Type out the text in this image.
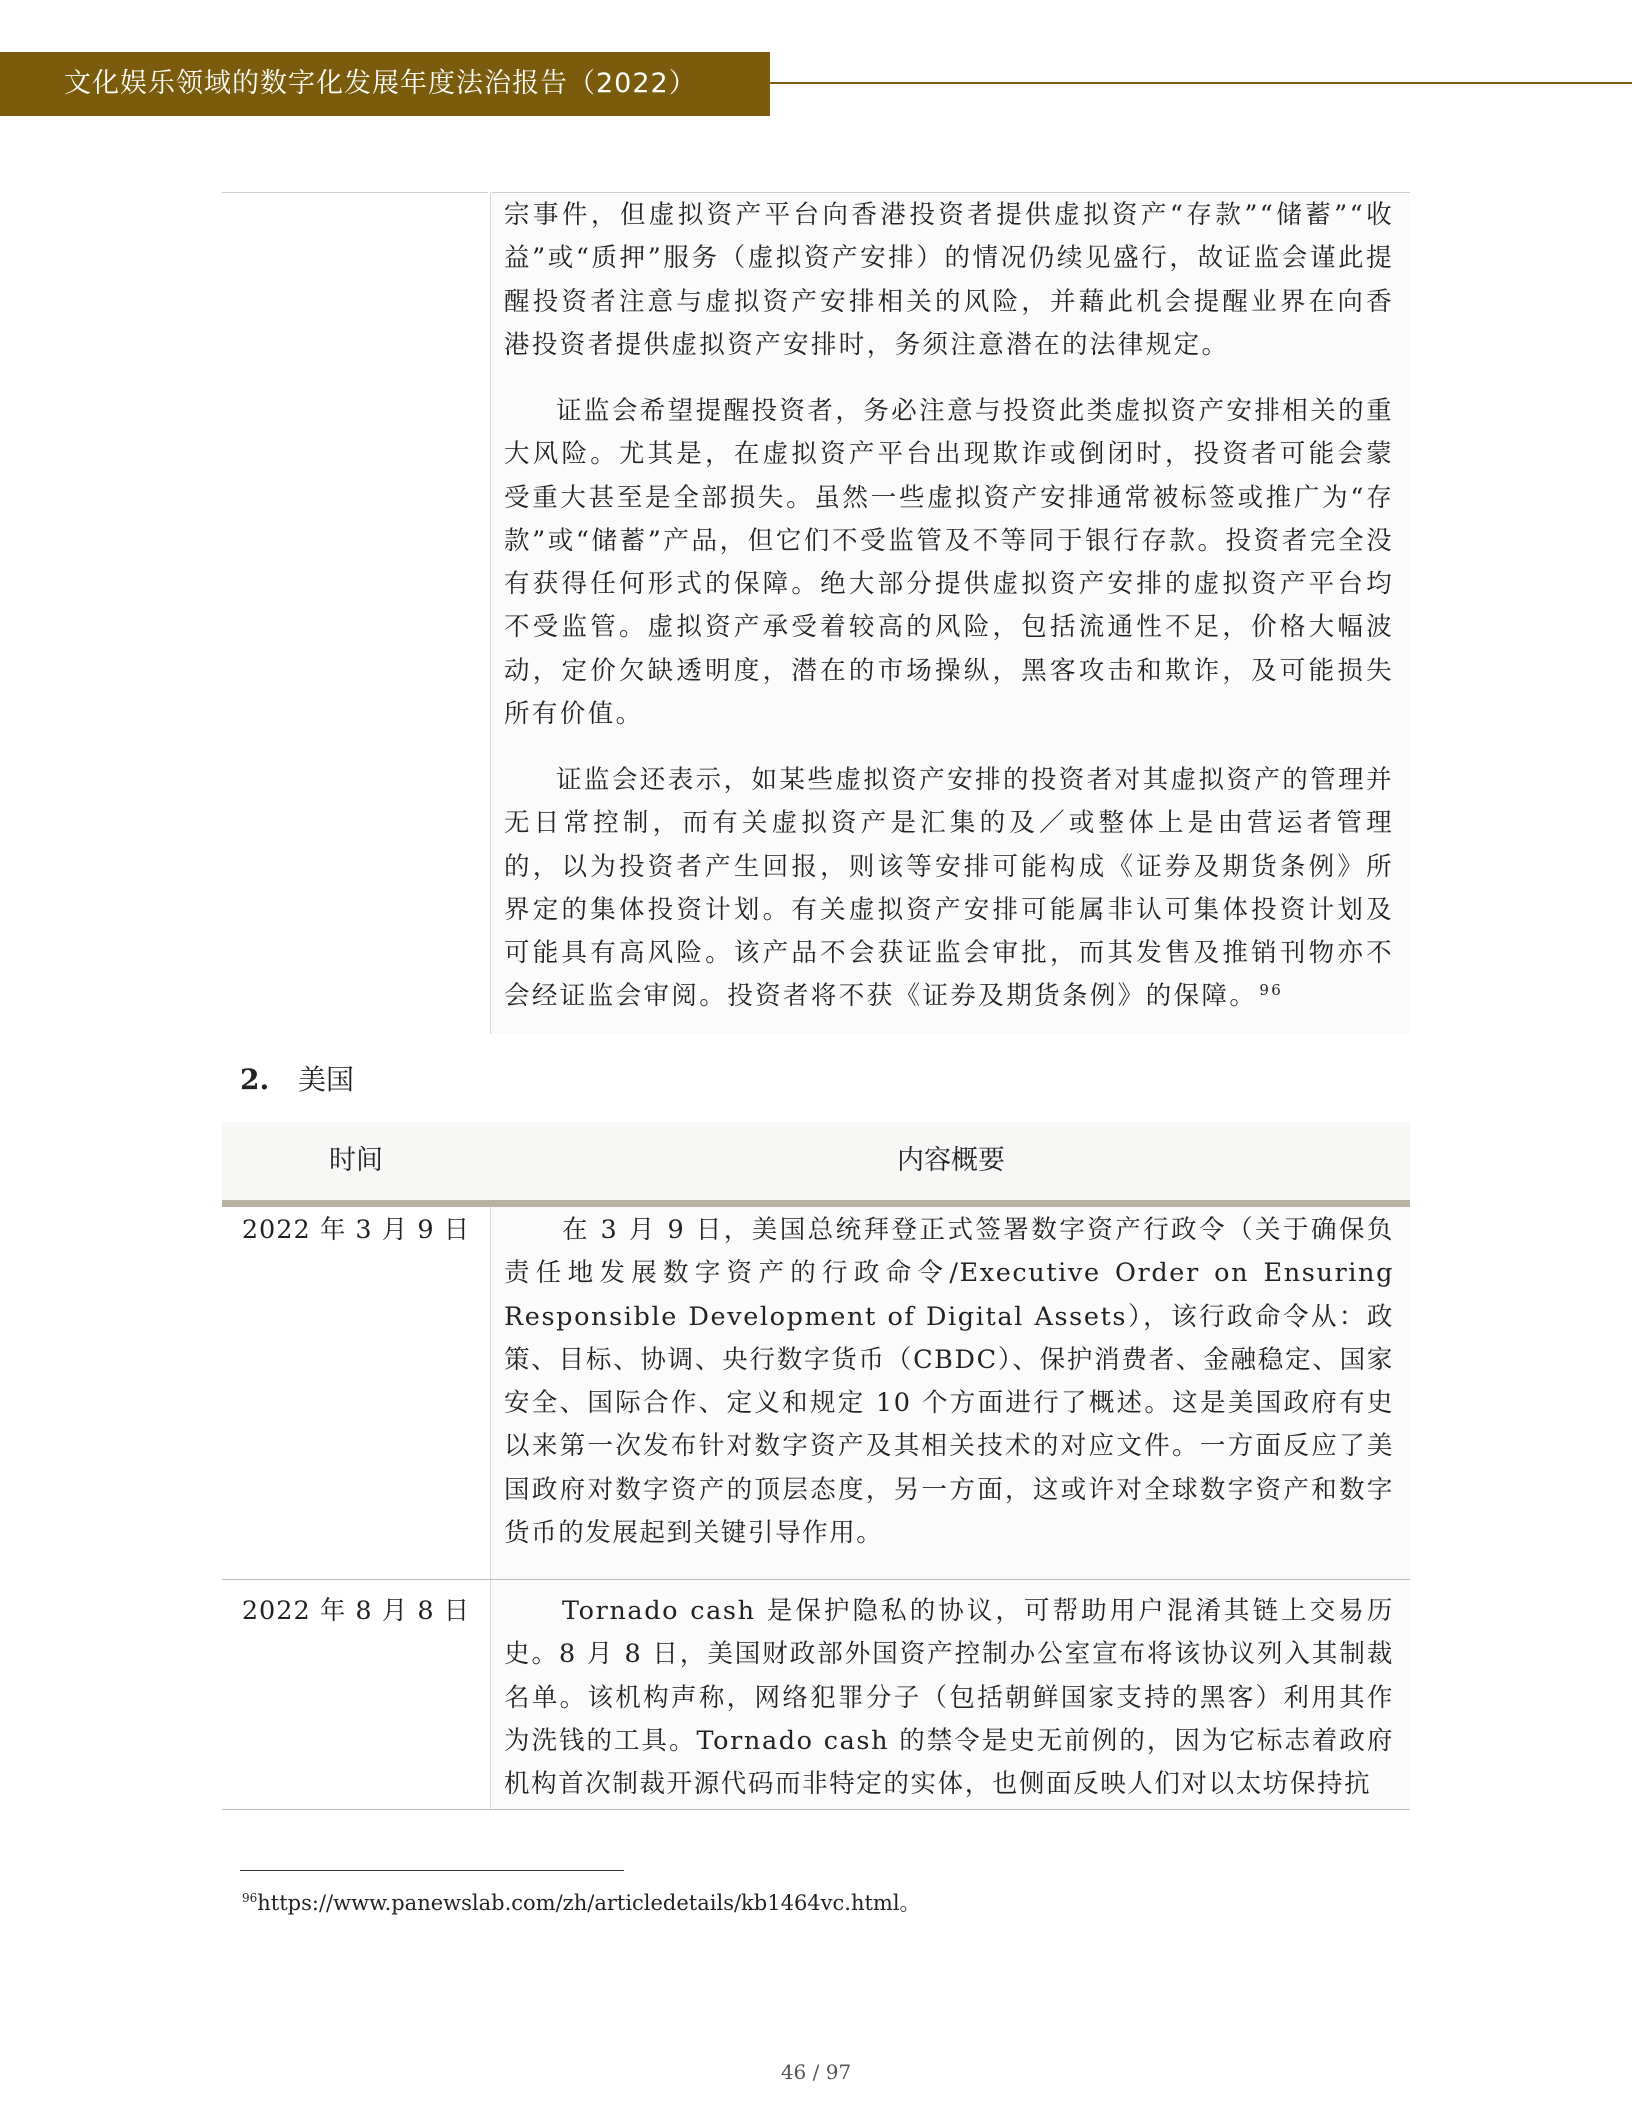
文化娱乐领域的数字化发展年度法治报告（2022）
宗事件，但虚拟资产平台向香港投资者提供虚拟资产“存款”“储蓄”“收益”或“质押”服务（虚拟资产安排）的情况仍续见盛行，故证监会谨此提醒投资者注意与虚拟资产安排相关的风险，并藉此机会提醒业界在向香港投资者提供虚拟资产安排时，务须注意潜在的法律规定。
证监会希望提醒投资者，务必注意与投资此类虚拟资产安排相关的重大风险。尤其是，在虚拟资产平台出现欺诈或倒闭时，投资者可能会蒙受重大甚至是全部损失。虽然一些虚拟资产安排通常被标签或推广为“存款”或“储蓄”产品，但它们不受监管及不等同于银行存款。投资者完全没有获得任何形式的保障。绝大部分提供虚拟资产安排的虚拟资产平台均不受监管。虚拟资产承受着较高的风险，包括流通性不足，价格大幅波动，定价欠缺透明度，潜在的市场操纵，黑客攻击和欺诈，及可能损失所有价值。
证监会还表示，如某些虚拟资产安排的投资者对其虚拟资产的管理并无日常控制，而有关虚拟资产是汇集的及／或整体上是由营运者管理的，以为投资者产生回报，则该等安排可能构成《证券及期货条例》所界定的集体投资计划。有关虚拟资产安排可能属非认可集体投资计划及可能具有高风险。该产品不会获证监会审批，而其发售及推销刊物亦不会经证监会审阅。投资者将不获《证券及期货条例》的保障。 $^{96}$
2. 美国
时间	内容概要
2022 年 3 月 9 日	在 3 月 9 日，美国总统拜登正式签署数字资产行政令（关于确保负责任地发展数字资产的行政命令/Executive Order on Ensuring Responsible Development of Digital Assets），该行政命令从：政策、目标、协调、央行数字货币（CBDC）、保护消费者、金融稳定、国家安全、国际合作、定义和规定 10 个方面进行了概述。这是美国政府有史以来第一次发布针对数字资产及其相关技术的对应文件。一方面反应了美国政府对数字资产的顶层态度，另一方面，这或许对全球数字资产和数字货币的发展起到关键引导作用。
2022 年 8 月 8 日	Tornado cash 是保护隐私的协议，可帮助用户混淆其链上交易历史。8 月 8 日，美国财政部外国资产控制办公室宣布将该协议列入其制裁名单。该机构声称，网络犯罪分子（包括朝鲜国家支持的黑客）利用其作为洗钱的工具。Tornado cash 的禁令是史无前例的，因为它标志着政府机构首次制裁开源代码而非特定的实体，也侧面反映人们对以太坊保持抗
$^{96}$https://www.panewslab.com/zh/articledetails/kb1464vc.html。
46 / 97
